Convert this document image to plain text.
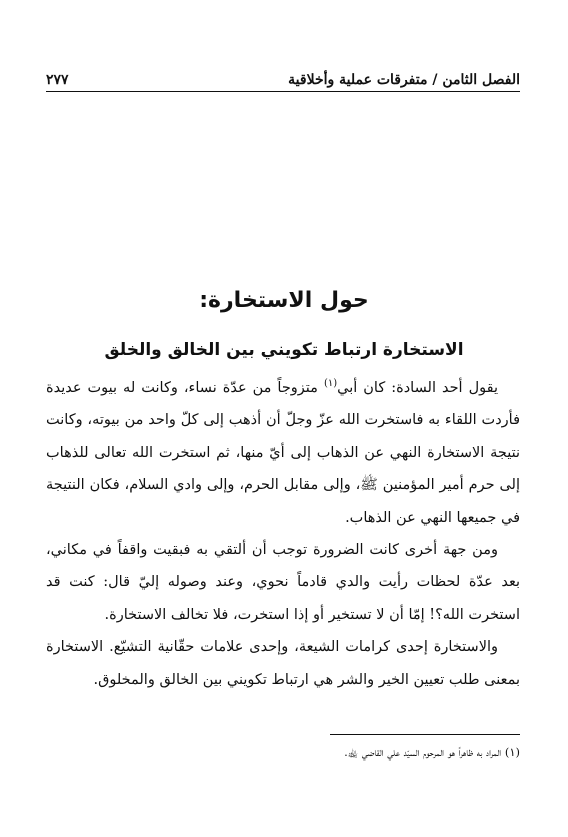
الفصل الثامن / متفرقات عملية وأخلاقية
٢٧٧
حول الاستخارة:
الاستخارة ارتباط تكويني بين الخالق والخلق

يقول أحد السادة: كان أبي$^{(١)}$ متزوجاً من عدّة نساء، وكانت له بيوت عديدة فأردت اللقاء به فاستخرت الله عزّ وجلّ أن أذهب إلى كلّ واحد من بيوته، وكانت نتيجة الاستخارة النهي عن الذهاب إلى أيّ منها، ثم استخرت الله تعالى للذهاب إلى حرم أمير المؤمنين ﷺ، وإلى مقابل الحرم، وإلى وادي السلام، فكان النتيجة في جميعها النهي عن الذهاب.

ومن جهة أخرى كانت الضرورة توجب أن ألتقي به فبقيت واقفاً في مكاني، بعد عدّة لحظات رأيت والدي قادماً نحوي، وعند وصوله إليّ قال: كنت قد استخرت الله؟! إمّا أن لا تستخير أو إذا استخرت، فلا تخالف الاستخارة.

والاستخارة إحدى كرامات الشيعة، وإحدى علامات حقّانية التشيّع. الاستخارة بمعنى طلب تعيين الخير والشر هي ارتباط تكويني بين الخالق والمخلوق.

(١) المراد به ظاهراً هو المرحوم السيّد علي القاضي ﵀.
